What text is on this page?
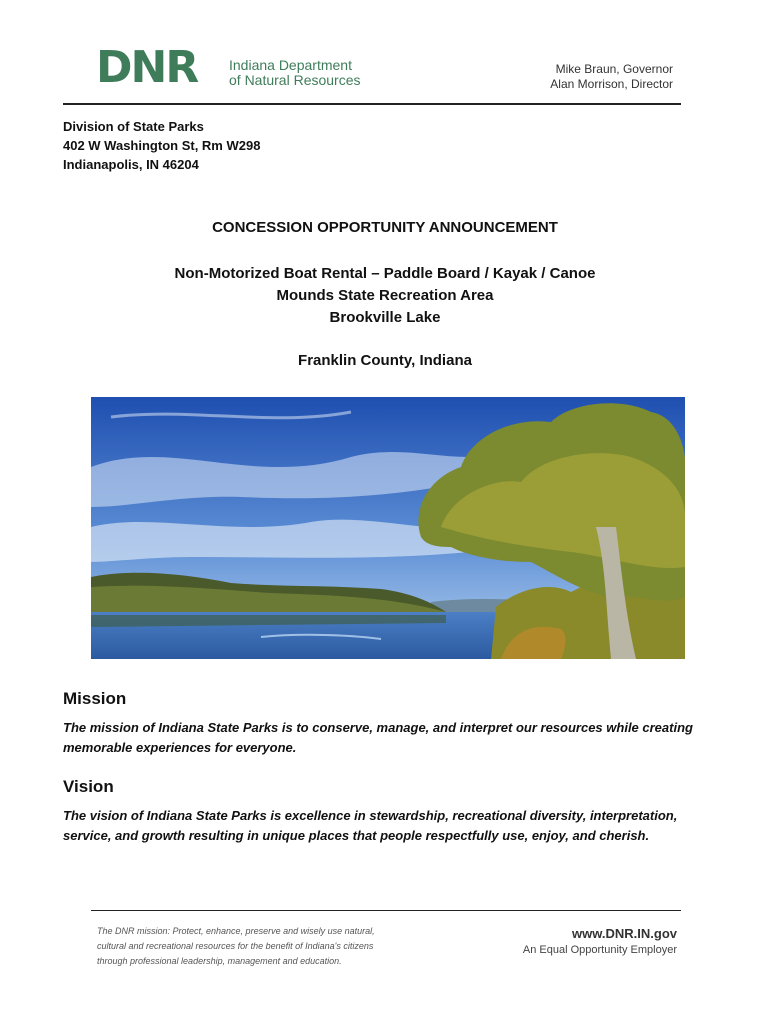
DNR Indiana Department
of Natural Resources
Mike Braun, Governor
Alan Morrison, Director
Division of State Parks
402 W Washington St, Rm W298
Indianapolis, IN 46204
CONCESSION OPPORTUNITY ANNOUNCEMENT
Non-Motorized Boat Rental – Paddle Board / Kayak / Canoe
Mounds State Recreation Area
Brookville Lake
Franklin County, Indiana
Mission
The mission of Indiana State Parks is to conserve, manage, and interpret our resources while creating memorable experiences for everyone.
Vision
The vision of Indiana State Parks is excellence in stewardship, recreational diversity, interpretation, service, and growth resulting in unique places that people respectfully use, enjoy, and cherish.
The DNR mission: Protect, enhance, preserve and wisely use natural,
cultural and recreational resources for the benefit of Indiana's citizens
through professional leadership, management and education.
www.DNR.IN.gov
An Equal Opportunity Employer
